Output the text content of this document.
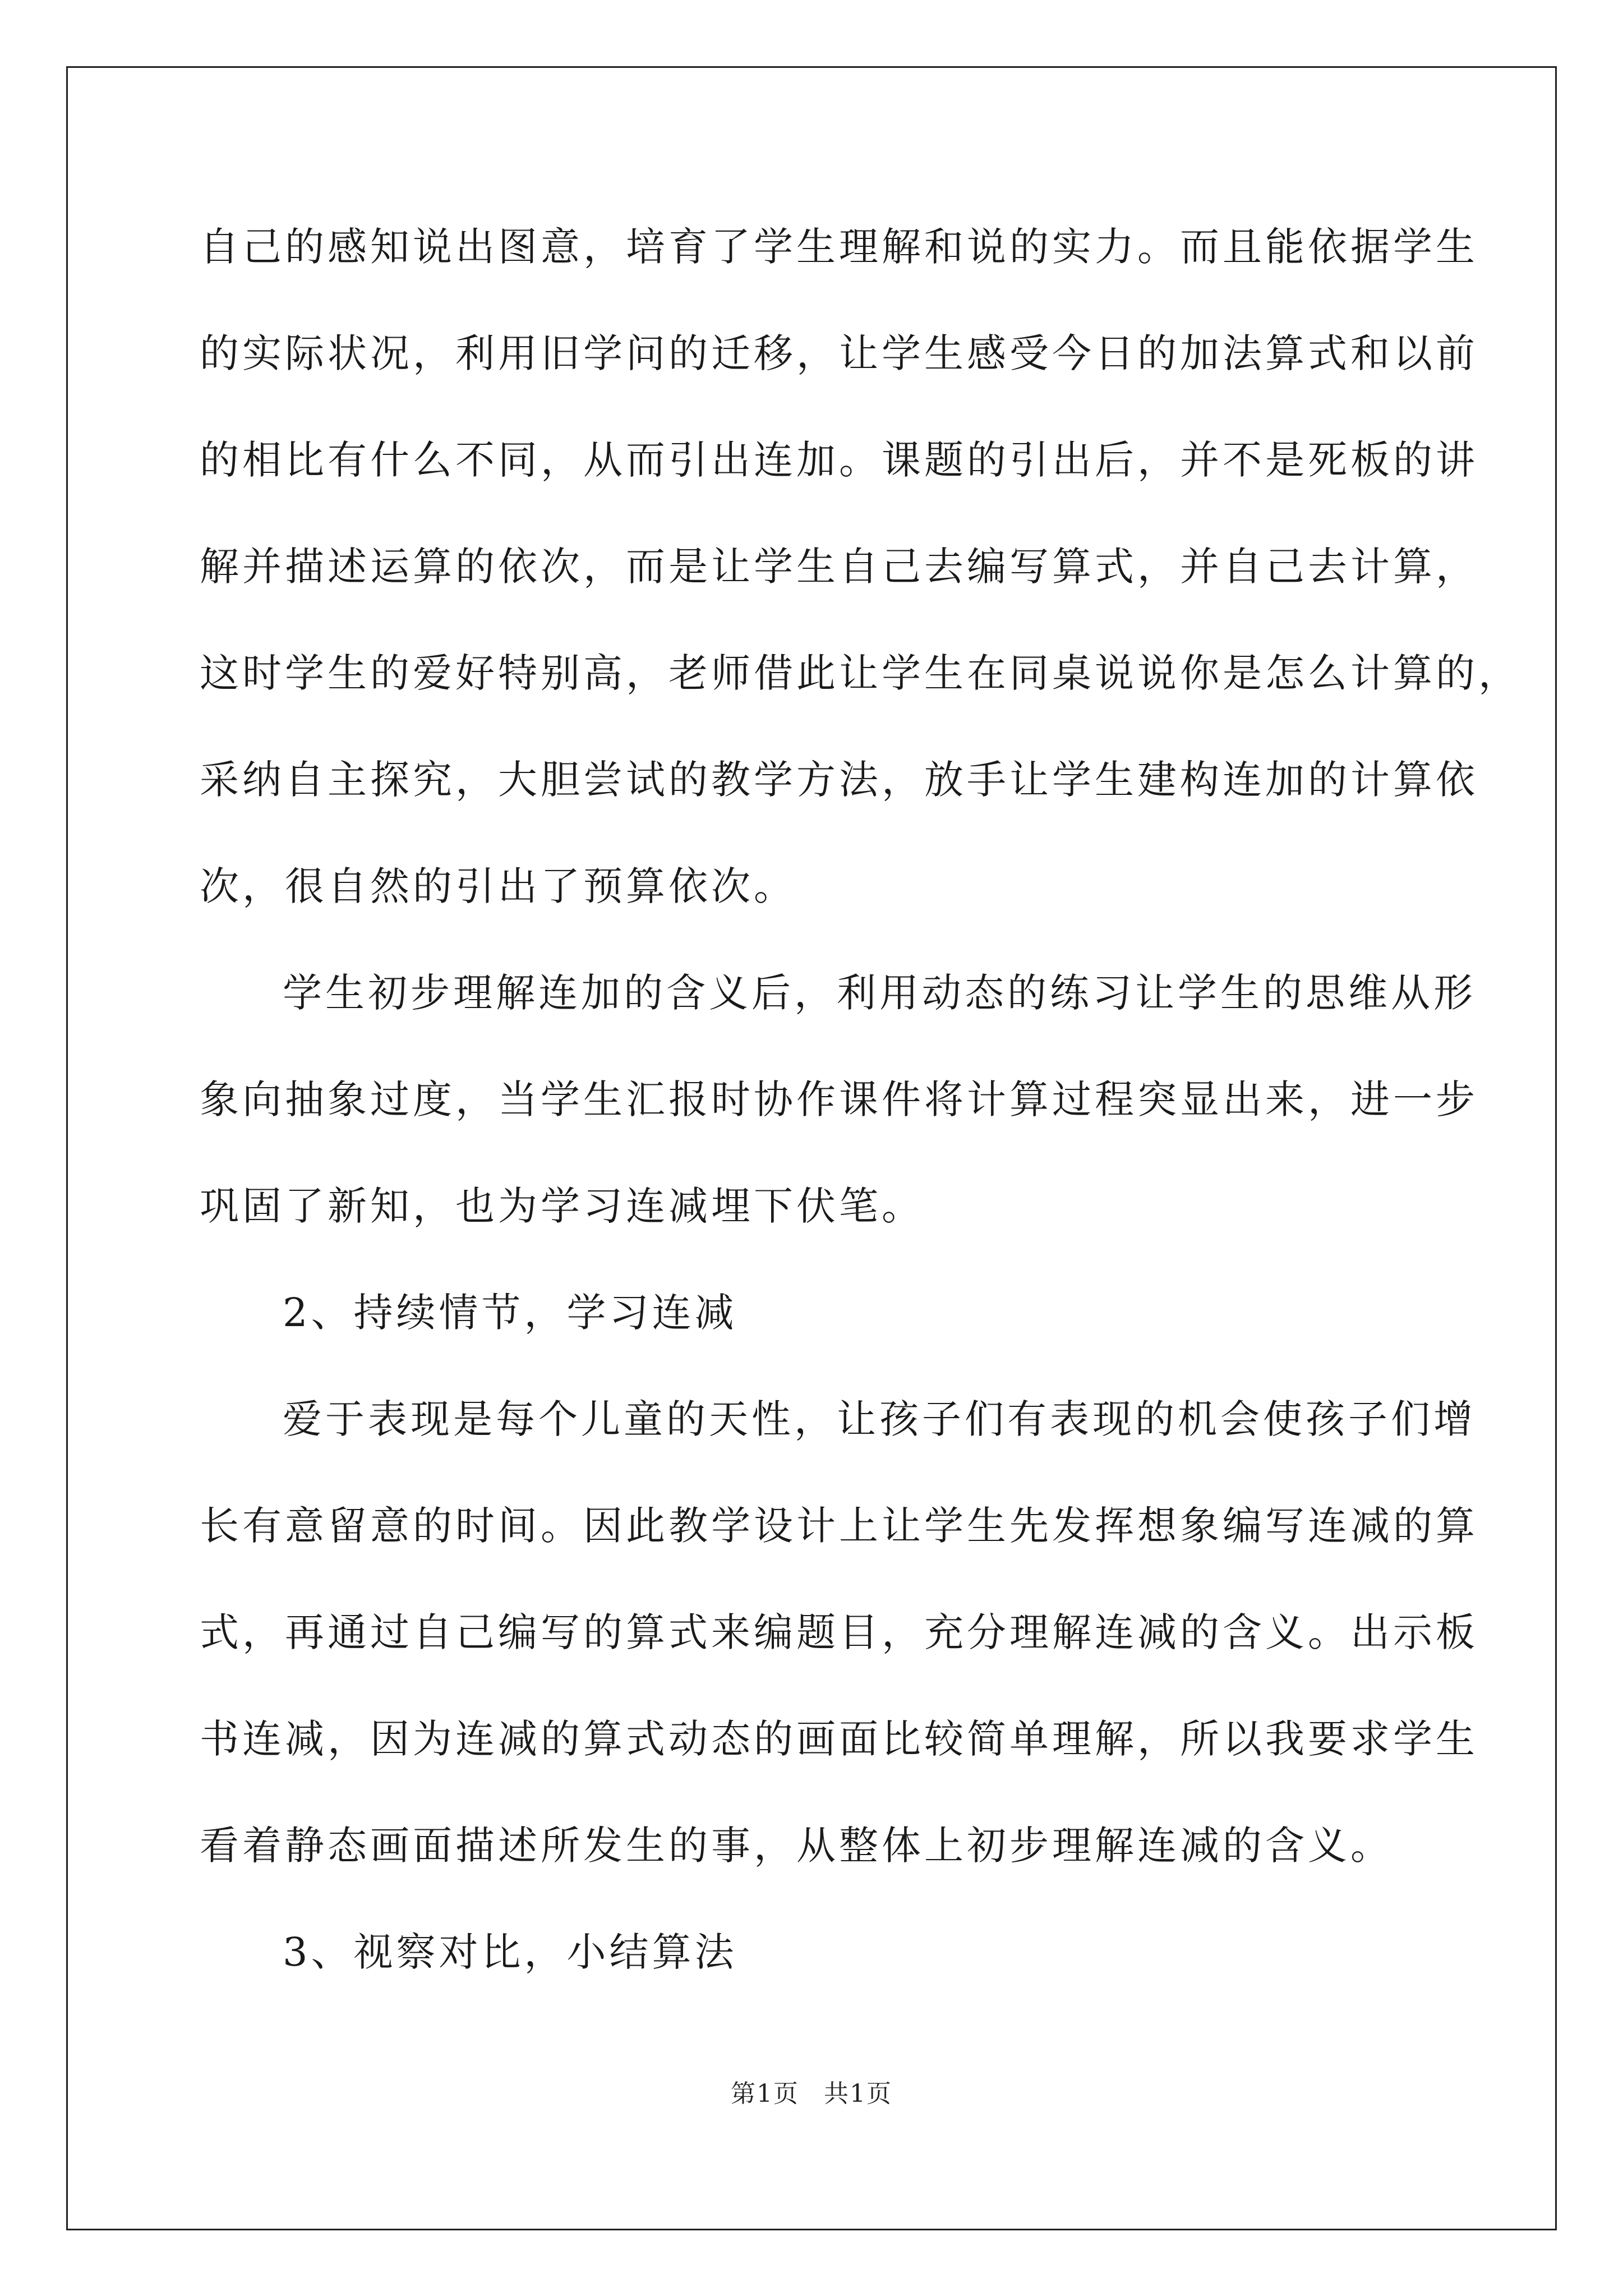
自己的感知说出图意，培育了学生理解和说的实力。而且能依据学生
的实际状况，利用旧学问的迁移，让学生感受今日的加法算式和以前
的相比有什么不同，从而引出连加。课题的引出后，并不是死板的讲
解并描述运算的依次，而是让学生自己去编写算式，并自己去计算，
这时学生的爱好特别高，老师借此让学生在同桌说说你是怎么计算的，
采纳自主探究，大胆尝试的教学方法，放手让学生建构连加的计算依
次，很自然的引出了预算依次。
学生初步理解连加的含义后，利用动态的练习让学生的思维从形
象向抽象过度，当学生汇报时协作课件将计算过程突显出来，进一步
巩固了新知，也为学习连减埋下伏笔。
2、持续情节，学习连减
爱于表现是每个儿童的天性，让孩子们有表现的机会使孩子们增
长有意留意的时间。因此教学设计上让学生先发挥想象编写连减的算
式，再通过自己编写的算式来编题目，充分理解连减的含义。出示板
书连减，因为连减的算式动态的画面比较简单理解，所以我要求学生
看着静态画面描述所发生的事，从整体上初步理解连减的含义。
3、视察对比，小结算法
第1页 共1页
